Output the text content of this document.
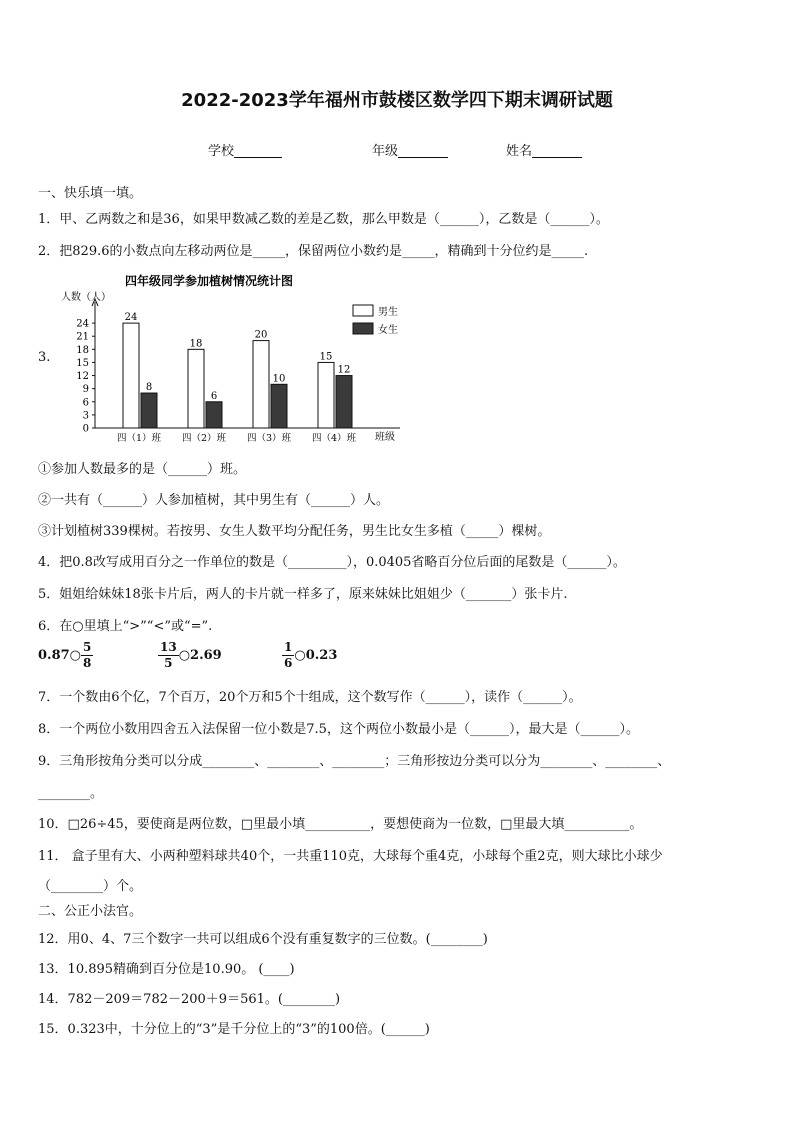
2022-2023学年福州市鼓楼区数学四下期末调研试题
学校	年级	姓名
一、快乐填一填。
1．甲、乙两数之和是36，如果甲数减乙数的差是乙数，那么甲数是（______），乙数是（______）。
2．把829.6的小数点向左移动两位是_____，保留两位小数约是_____，精确到十分位约是_____.
3.
四年级同学参加植树情况统计图
人数（人）
班级
男生
女生
0
3
6
9
12
15
18
21
24
四（1）班 四（2）班 四（3）班 四（4）班
24
8
18
6
20
10
15
12
①参加人数最多的是（______）班。
②一共有（______）人参加植树，其中男生有（______）人。
③计划植树339棵树。若按男、女生人数平均分配任务，男生比女生多植（_____）棵树。
4．把0.8改写成用百分之一作单位的数是（_________），0.0405省略百分位后面的尾数是（______）。
5．姐姐给妹妹18张卡片后，两人的卡片就一样多了，原来妹妹比姐姐少（_______）张卡片.
6．在○里填上“>”“<”或“=”.
0.87○ $\frac{5}{8}$	$\frac{13}{5}$ ○2.69	$\frac{1}{6}$ ○0.23
7．一个数由6个亿，7个百万，20个万和5个十组成，这个数写作（______），读作（______）。
8．一个两位小数用四舍五入法保留一位小数是7.5，这个两位小数最小是（______），最大是（______）。
9．三角形按角分类可以分成________、________、________；三角形按边分类可以分为________、________、
________。
10．□26÷45，要使商是两位数，□里最小填__________，要想使商为一位数，□里最大填__________。
11． 盒子里有大、小两种塑料球共40个，一共重110克，大球每个重4克，小球每个重2克，则大球比小球少
（________）个。
二、公正小法官。
12．用0、4、7三个数字一共可以组成6个没有重复数字的三位数。(________)
13．10.895精确到百分位是10.90。 (____)
14．782－209＝782－200＋9＝561。(________)
15．0.323中，十分位上的“3”是千分位上的“3”的100倍。(______)
